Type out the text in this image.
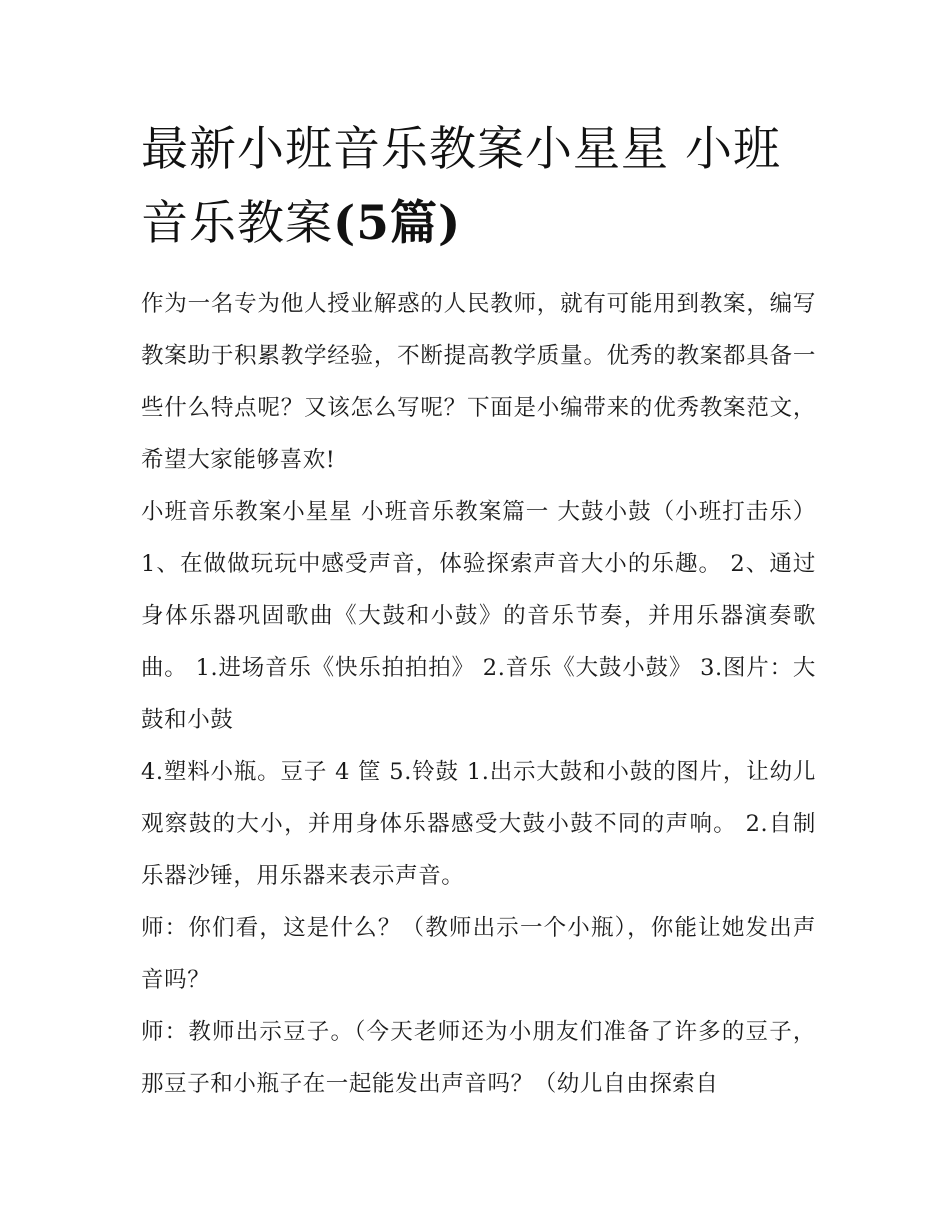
最新小班音乐教案小星星 小班音乐教案(5篇)

作为一名专为他人授业解惑的人民教师，就有可能用到教案，编写教案助于积累教学经验，不断提高教学质量。优秀的教案都具备一些什么特点呢？又该怎么写呢？下面是小编带来的优秀教案范文，希望大家能够喜欢!

小班音乐教案小星星 小班音乐教案篇一 大鼓小鼓（小班打击乐） 1、在做做玩玩中感受声音，体验探索声音大小的乐趣。 2、通过身体乐器巩固歌曲《大鼓和小鼓》的音乐节奏，并用乐器演奏歌曲。 1.进场音乐《快乐拍拍拍》 2.音乐《大鼓小鼓》 3.图片：大鼓和小鼓

4.塑料小瓶。豆子 4 筐 5.铃鼓 1.出示大鼓和小鼓的图片，让幼儿观察鼓的大小，并用身体乐器感受大鼓小鼓不同的声响。 2.自制乐器沙锤，用乐器来表示声音。

师：你们看，这是什么？（教师出示一个小瓶），你能让她发出声音吗？

师：教师出示豆子。（今天老师还为小朋友们准备了许多的豆子，那豆子和小瓶子在一起能发出声音吗？（幼儿自由探索自
